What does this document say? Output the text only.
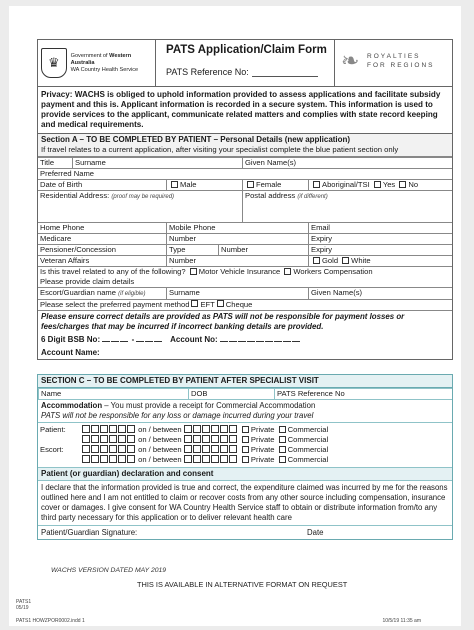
♛	Government of Western Australia
WA Country Health Service
PATS Application/Claim Form
PATS Reference No:	❧	ROYALTIES
FOR REGIONS
Privacy: WACHS is obliged to uphold information provided to assess applications and facilitate subsidy payment and this is. Applicant information is recorded in a secure system. This information is used to provide services to the applicant, communicate related matters and complies with state record keeping and medical requirements.
Section A – TO BE COMPLETED BY PATIENT – Personal Details (new application)
If travel relates to a current application, after visiting your specialist complete the blue patient section only
Title	Surname	Given Name(s)
Preferred Name
Date of Birth	Male	Female	Aboriginal/TSI Yes No
Residential Address: (proof may be required)	Postal address (if different)
Home Phone	Mobile Phone	Email
Medicare	Number	Expiry
Pensioner/Concession	Type	Number	Expiry
Veteran Affairs	Number	Gold White
Is this travel related to any of the following? Motor Vehicle Insurance Workers Compensation
Please provide claim details
Escort/Guardian name (if eligible)	Surname	Given Name(s)
Please select the preferred payment method EFT Cheque
Please ensure correct details are provided as PATS will not be responsible for payment losses or fees/charges that may be incurred if incorrect banking details are provided.
6 Digit BSB No:	-	Account No:
Account Name:
SECTION C – TO BE COMPLETED BY PATIENT AFTER SPECIALIST VISIT
Name	DOB	PATS Reference No
Accommodation – You must provide a receipt for Commercial Accommodation
PATS will not be responsible for any loss or damage incurred during your travel
Patient:	on / between	Private Commercial
on / between	Private Commercial
Escort:	on / between	Private Commercial
on / between	Private Commercial
Patient (or guardian) declaration and consent
I declare that the information provided is true and correct, the expenditure claimed was incurred by me for the reasons outlined here and I am not entitled to claim or recover costs from any other source including compensation, insurance cover or damages. I give consent for WA Country Health Service staff to obtain or distribute information from/to any third party necessary for this application or to deliver relevant health care
Patient/Guardian Signature:	Date
WACHS VERSION DATED MAY 2019
THIS IS AVAILABLE IN ALTERNATIVE FORMAT ON REQUEST
PATS1
05/19
PATS1 HOWZPOR0002.indd 1	10/5/19 11:35 am
